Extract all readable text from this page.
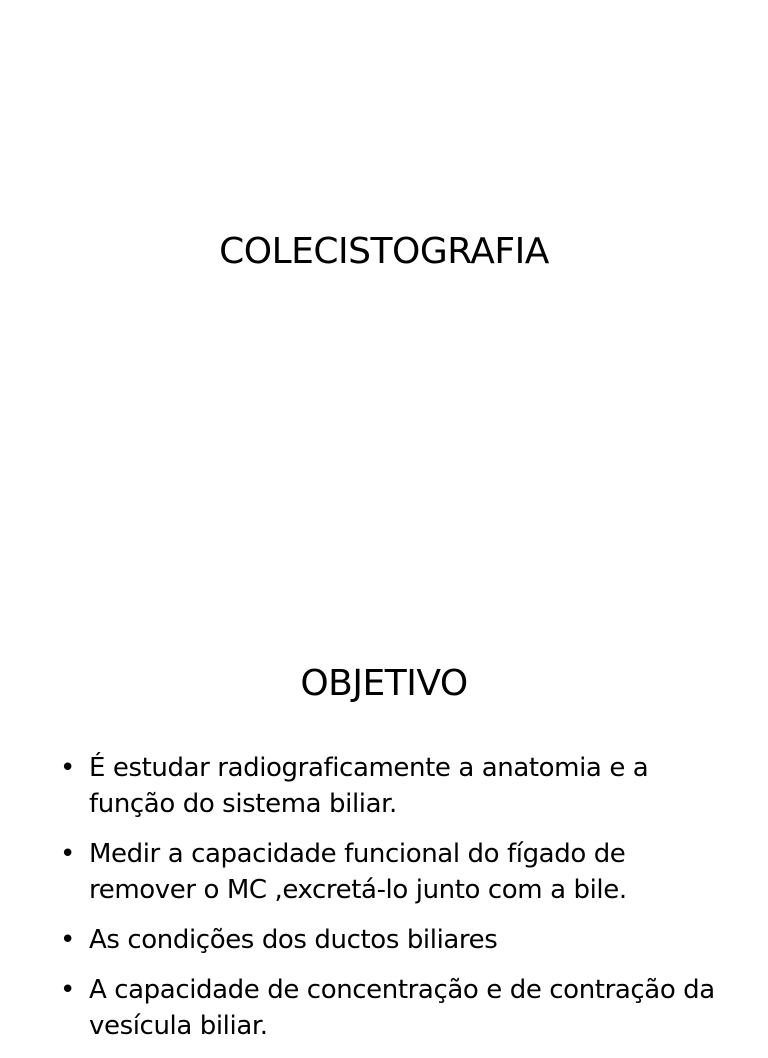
COLECISTOGRAFIA
OBJETIVO
• É estudar radiograficamente a anatomia e a função do sistema biliar.
• Medir a capacidade funcional do fígado de remover o MC ,excretá-lo junto com a bile.
• As condições dos ductos biliares
• A capacidade de concentração e de contração da vesícula biliar.
